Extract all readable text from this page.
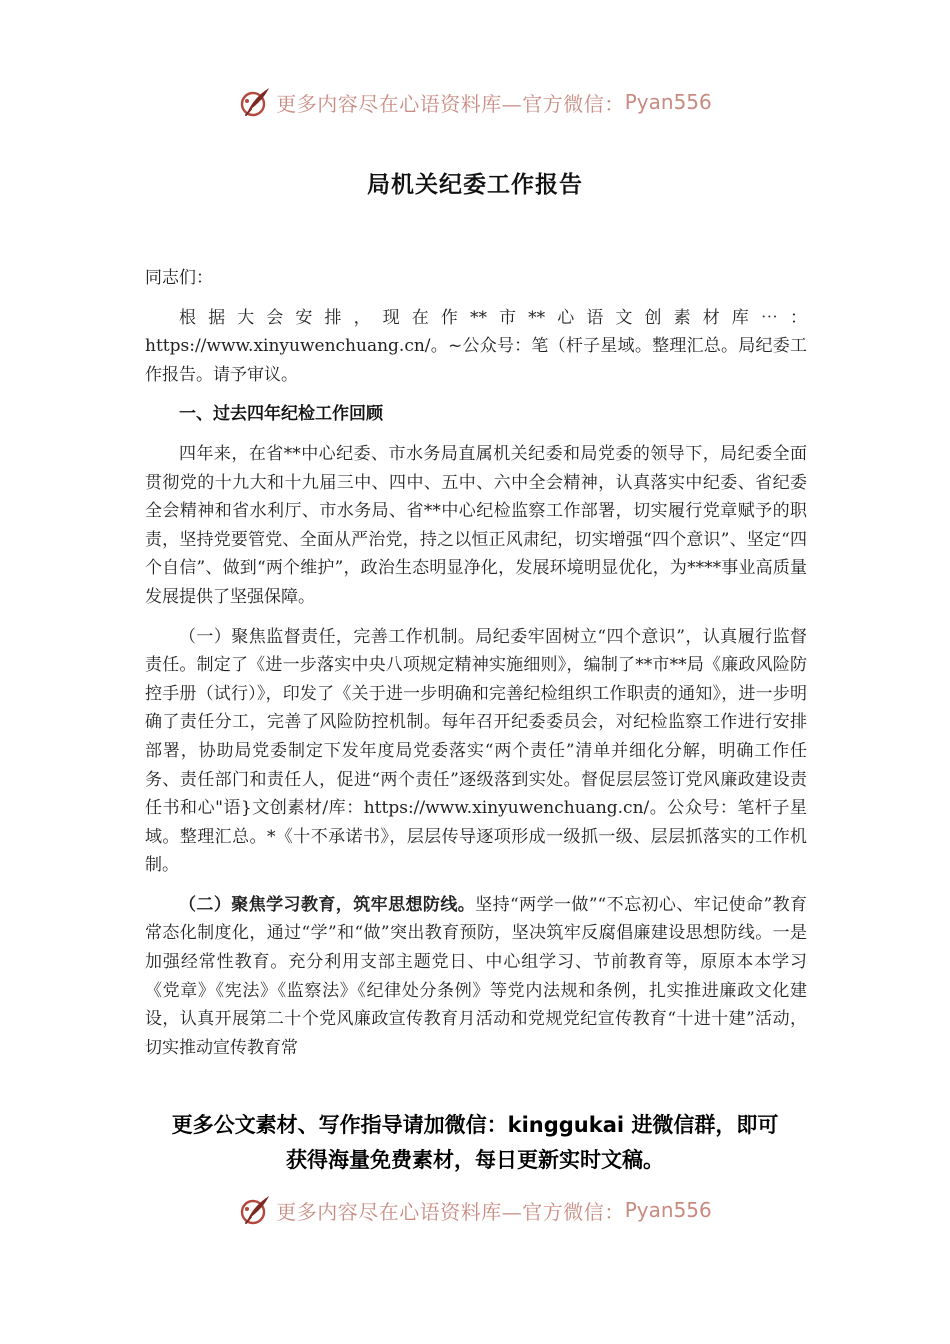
更多内容尽在心语资料库—官方微信： Pyan556
局机关纪委工作报告

同志们：

根据大会安排，现在作**市**心语文创素材库⋯：https://www.xinyuwenchuang.cn/。~公众号：笔（杆子星域。整理汇总。局纪委工作报告。请予审议。

一、过去四年纪检工作回顾

四年来，在省**中心纪委、市水务局直属机关纪委和局党委的领导下，局纪委全面贯彻党的十九大和十九届三中、四中、五中、六中全会精神，认真落实中纪委、省纪委全会精神和省水利厅、市水务局、省**中心纪检监察工作部署，切实履行党章赋予的职责，坚持党要管党、全面从严治党，持之以恒正风肃纪，切实增强“四个意识”、坚定“四个自信”、做到“两个维护”，政治生态明显净化，发展环境明显优化，为****事业高质量发展提供了坚强保障。

（一）聚焦监督责任，完善工作机制。局纪委牢固树立“四个意识”，认真履行监督责任。制定了《进一步落实中央八项规定精神实施细则》，编制了**市**局《廉政风险防控手册（试行）》，印发了《关于进一步明确和完善纪检组织工作职责的通知》，进一步明确了责任分工，完善了风险防控机制。每年召开纪委委员会，对纪检监察工作进行安排部署，协助局党委制定下发年度局党委落实“两个责任”清单并细化分解，明确工作任务、责任部门和责任人，促进“两个责任”逐级落到实处。督促层层签订党风廉政建设责任书和心"语}文创素材/库：https://www.xinyuwenchuang.cn/。公众号：笔杆子星域。整理汇总。*《十不承诺书》，层层传导逐项形成一级抓一级、层层抓落实的工作机制。

（二）聚焦学习教育，筑牢思想防线。坚持“两学一做”“不忘初心、牢记使命”教育常态化制度化，通过“学”和“做”突出教育预防，坚决筑牢反腐倡廉建设思想防线。一是加强经常性教育。充分利用支部主题党日、中心组学习、节前教育等，原原本本学习《党章》《宪法》《监察法》《纪律处分条例》等党内法规和条例，扎实推进廉政文化建设，认真开展第二十个党风廉政宣传教育月活动和党规党纪宣传教育“十进十建”活动，切实推动宣传教育常

更多公文素材、写作指导请加微信：kinggukai 进微信群，即可
获得海量免费素材，每日更新实时文稿。
更多内容尽在心语资料库—官方微信： Pyan556
